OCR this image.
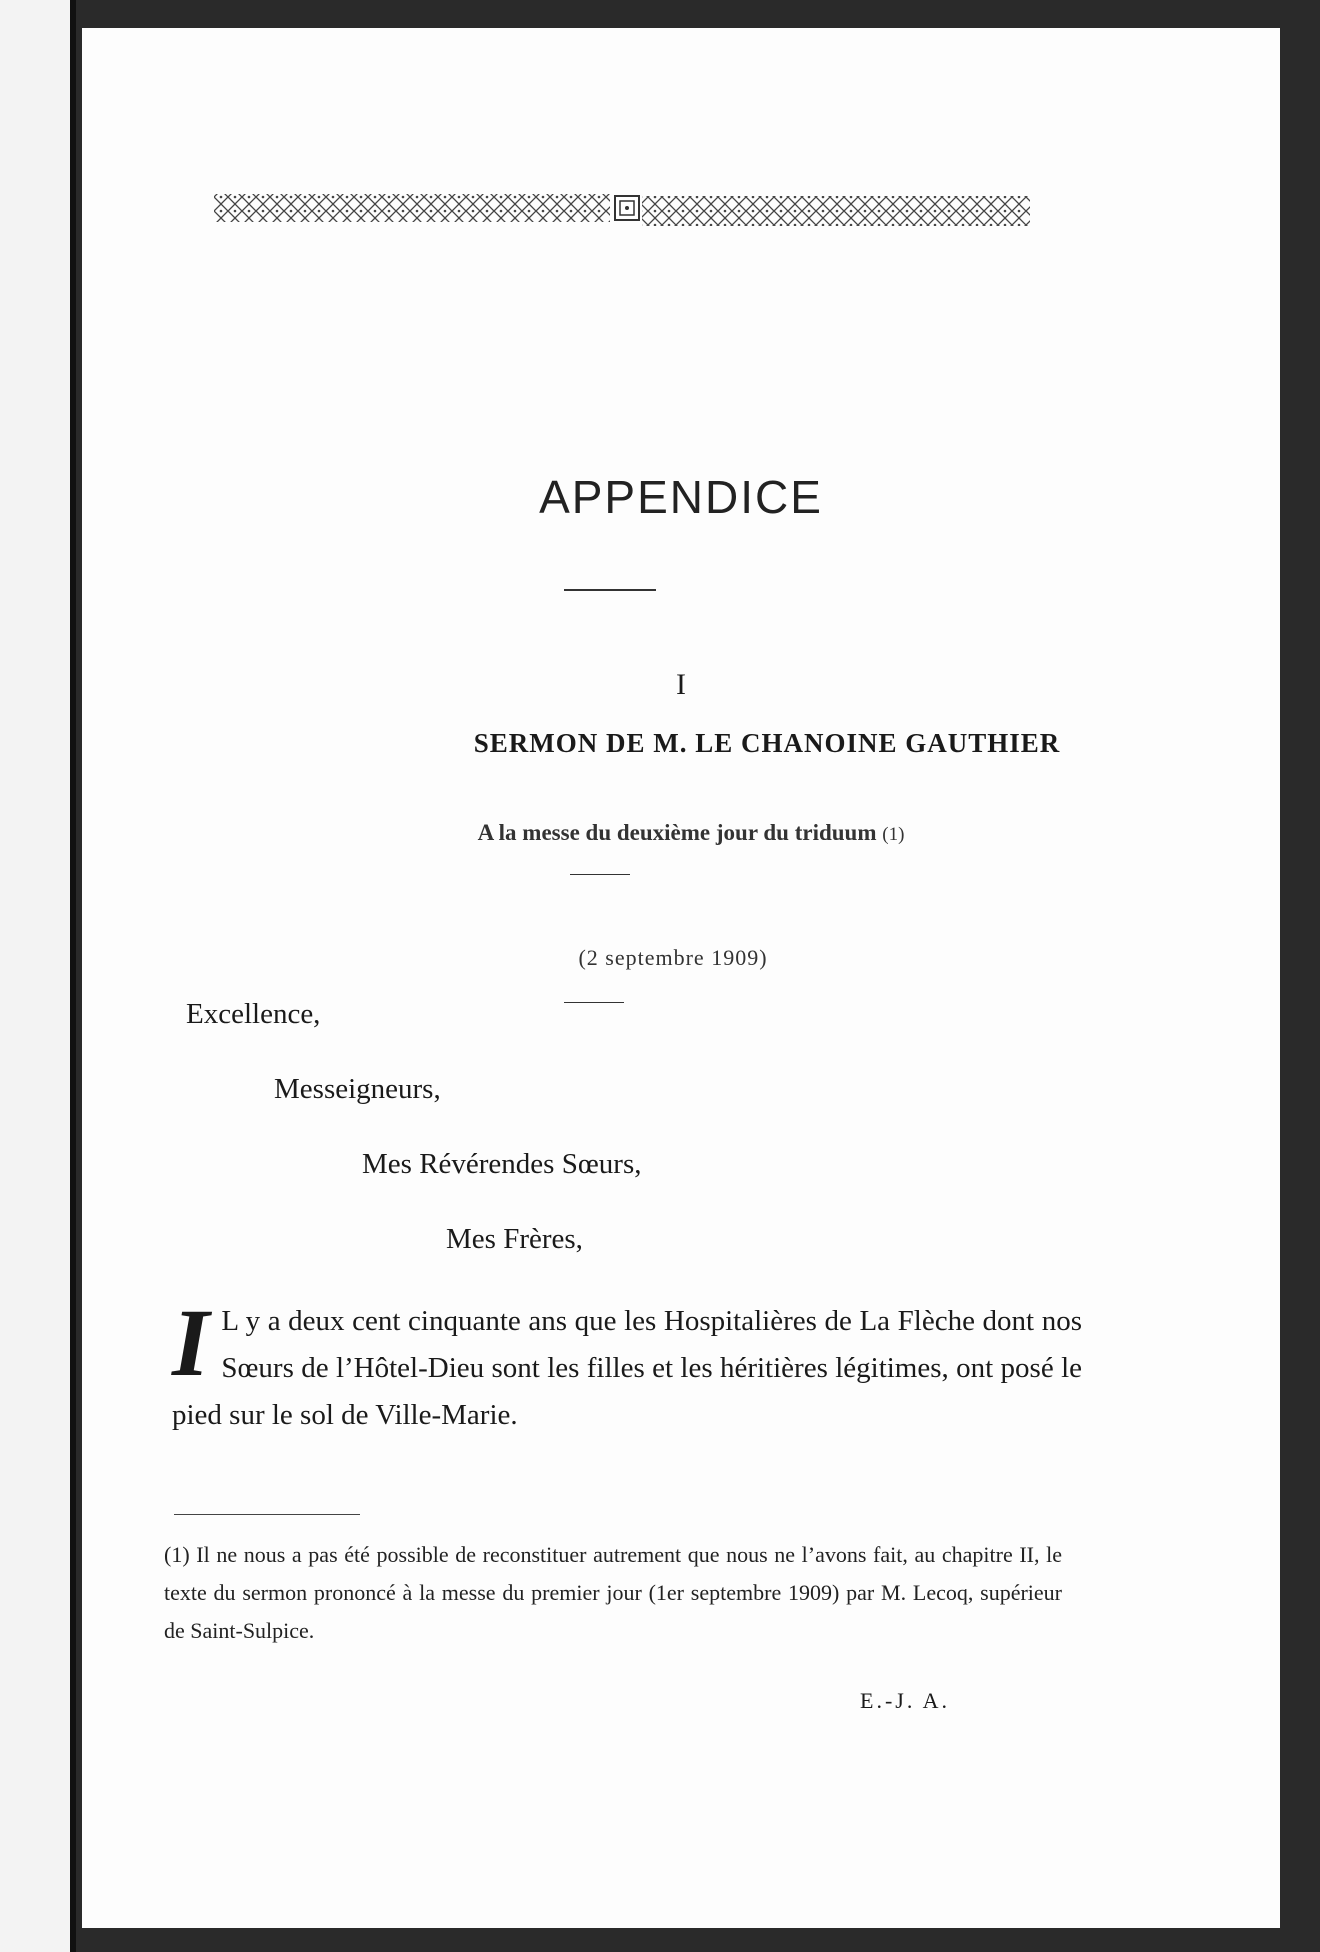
APPENDICE
I
SERMON DE M. LE CHANOINE GAUTHIER
A la messe du deuxième jour du triduum (1)
(2 septembre 1909)
Excellence,
Messeigneurs,
Mes Révérendes Sœurs,
Mes Frères,
I L y a deux cent cinquante ans que les Hospitalières de La Flèche dont nos Sœurs de l’Hôtel-Dieu sont les filles et les héritières légitimes, ont posé le pied sur le sol de Ville-Marie.
(1) Il ne nous a pas été possible de reconstituer autrement que nous ne l’avons fait, au chapitre II, le texte du sermon prononcé à la messe du premier jour (1er septembre 1909) par M. Lecoq, supérieur de Saint-Sulpice.
E.-J. A.
